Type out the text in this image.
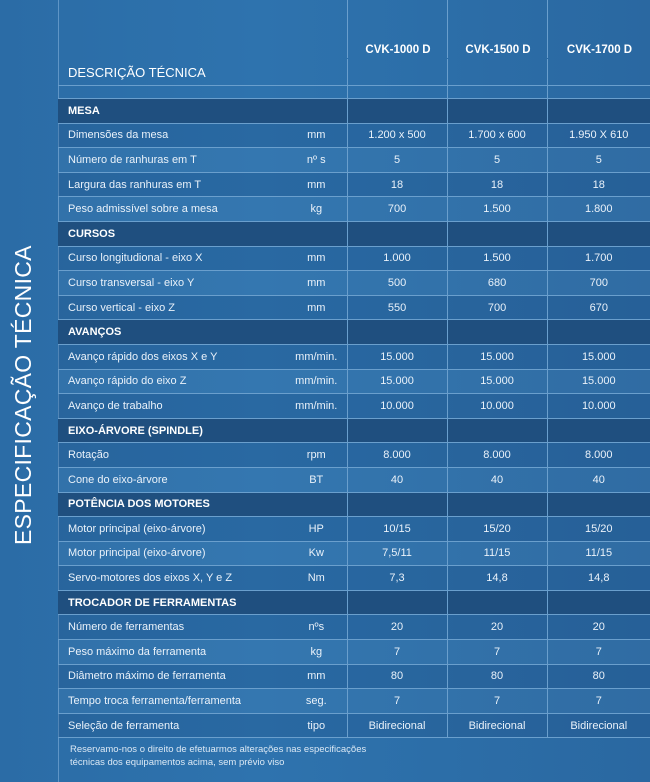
ESPECIFICAÇÃO TÉCNICA
CVK-1000 D	CVK-1500 D	CVK-1700 D
DESCRIÇÃO TÉCNICA				

MESA				
Dimensões da mesa	mm	1.200 x 500	1.700 x 600	1.950 X 610
Número de ranhuras em T	nº s	5	5	5
Largura das ranhuras em T	mm	18	18	18
Peso admissível sobre a mesa	kg	700	1.500	1.800
CURSOS				
Curso longitudional - eixo X	mm	1.000	1.500	1.700
Curso transversal - eixo Y	mm	500	680	700
Curso vertical - eixo Z	mm	550	700	670
AVANÇOS				
Avanço rápido dos eixos X e Y	mm/min.	15.000	15.000	15.000
Avanço rápido do eixo Z	mm/min.	15.000	15.000	15.000
Avanço de trabalho	mm/min.	10.000	10.000	10.000
EIXO-ÁRVORE (SPINDLE)				
Rotação	rpm	8.000	8.000	8.000
Cone do eixo-árvore	BT	40	40	40
POTÊNCIA DOS MOTORES				
Motor principal (eixo-árvore)	HP	10/15	15/20	15/20
Motor principal (eixo-árvore)	Kw	7,5/11	11/15	11/15
Servo-motores dos eixos X, Y e Z	Nm	7,3	14,8	14,8
TROCADOR DE FERRAMENTAS				
Número de ferramentas	nºs	20	20	20
Peso máximo da ferramenta	kg	7	7	7
Diâmetro máximo de ferramenta	mm	80	80	80
Tempo troca ferramenta/ferramenta	seg.	7	7	7
Seleção de ferramenta	tipo	Bidirecional	Bidirecional	Bidirecional
Reservamo-nos o direito de efetuarmos alterações nas especificações
técnicas dos equipamentos acima, sem prévio viso
